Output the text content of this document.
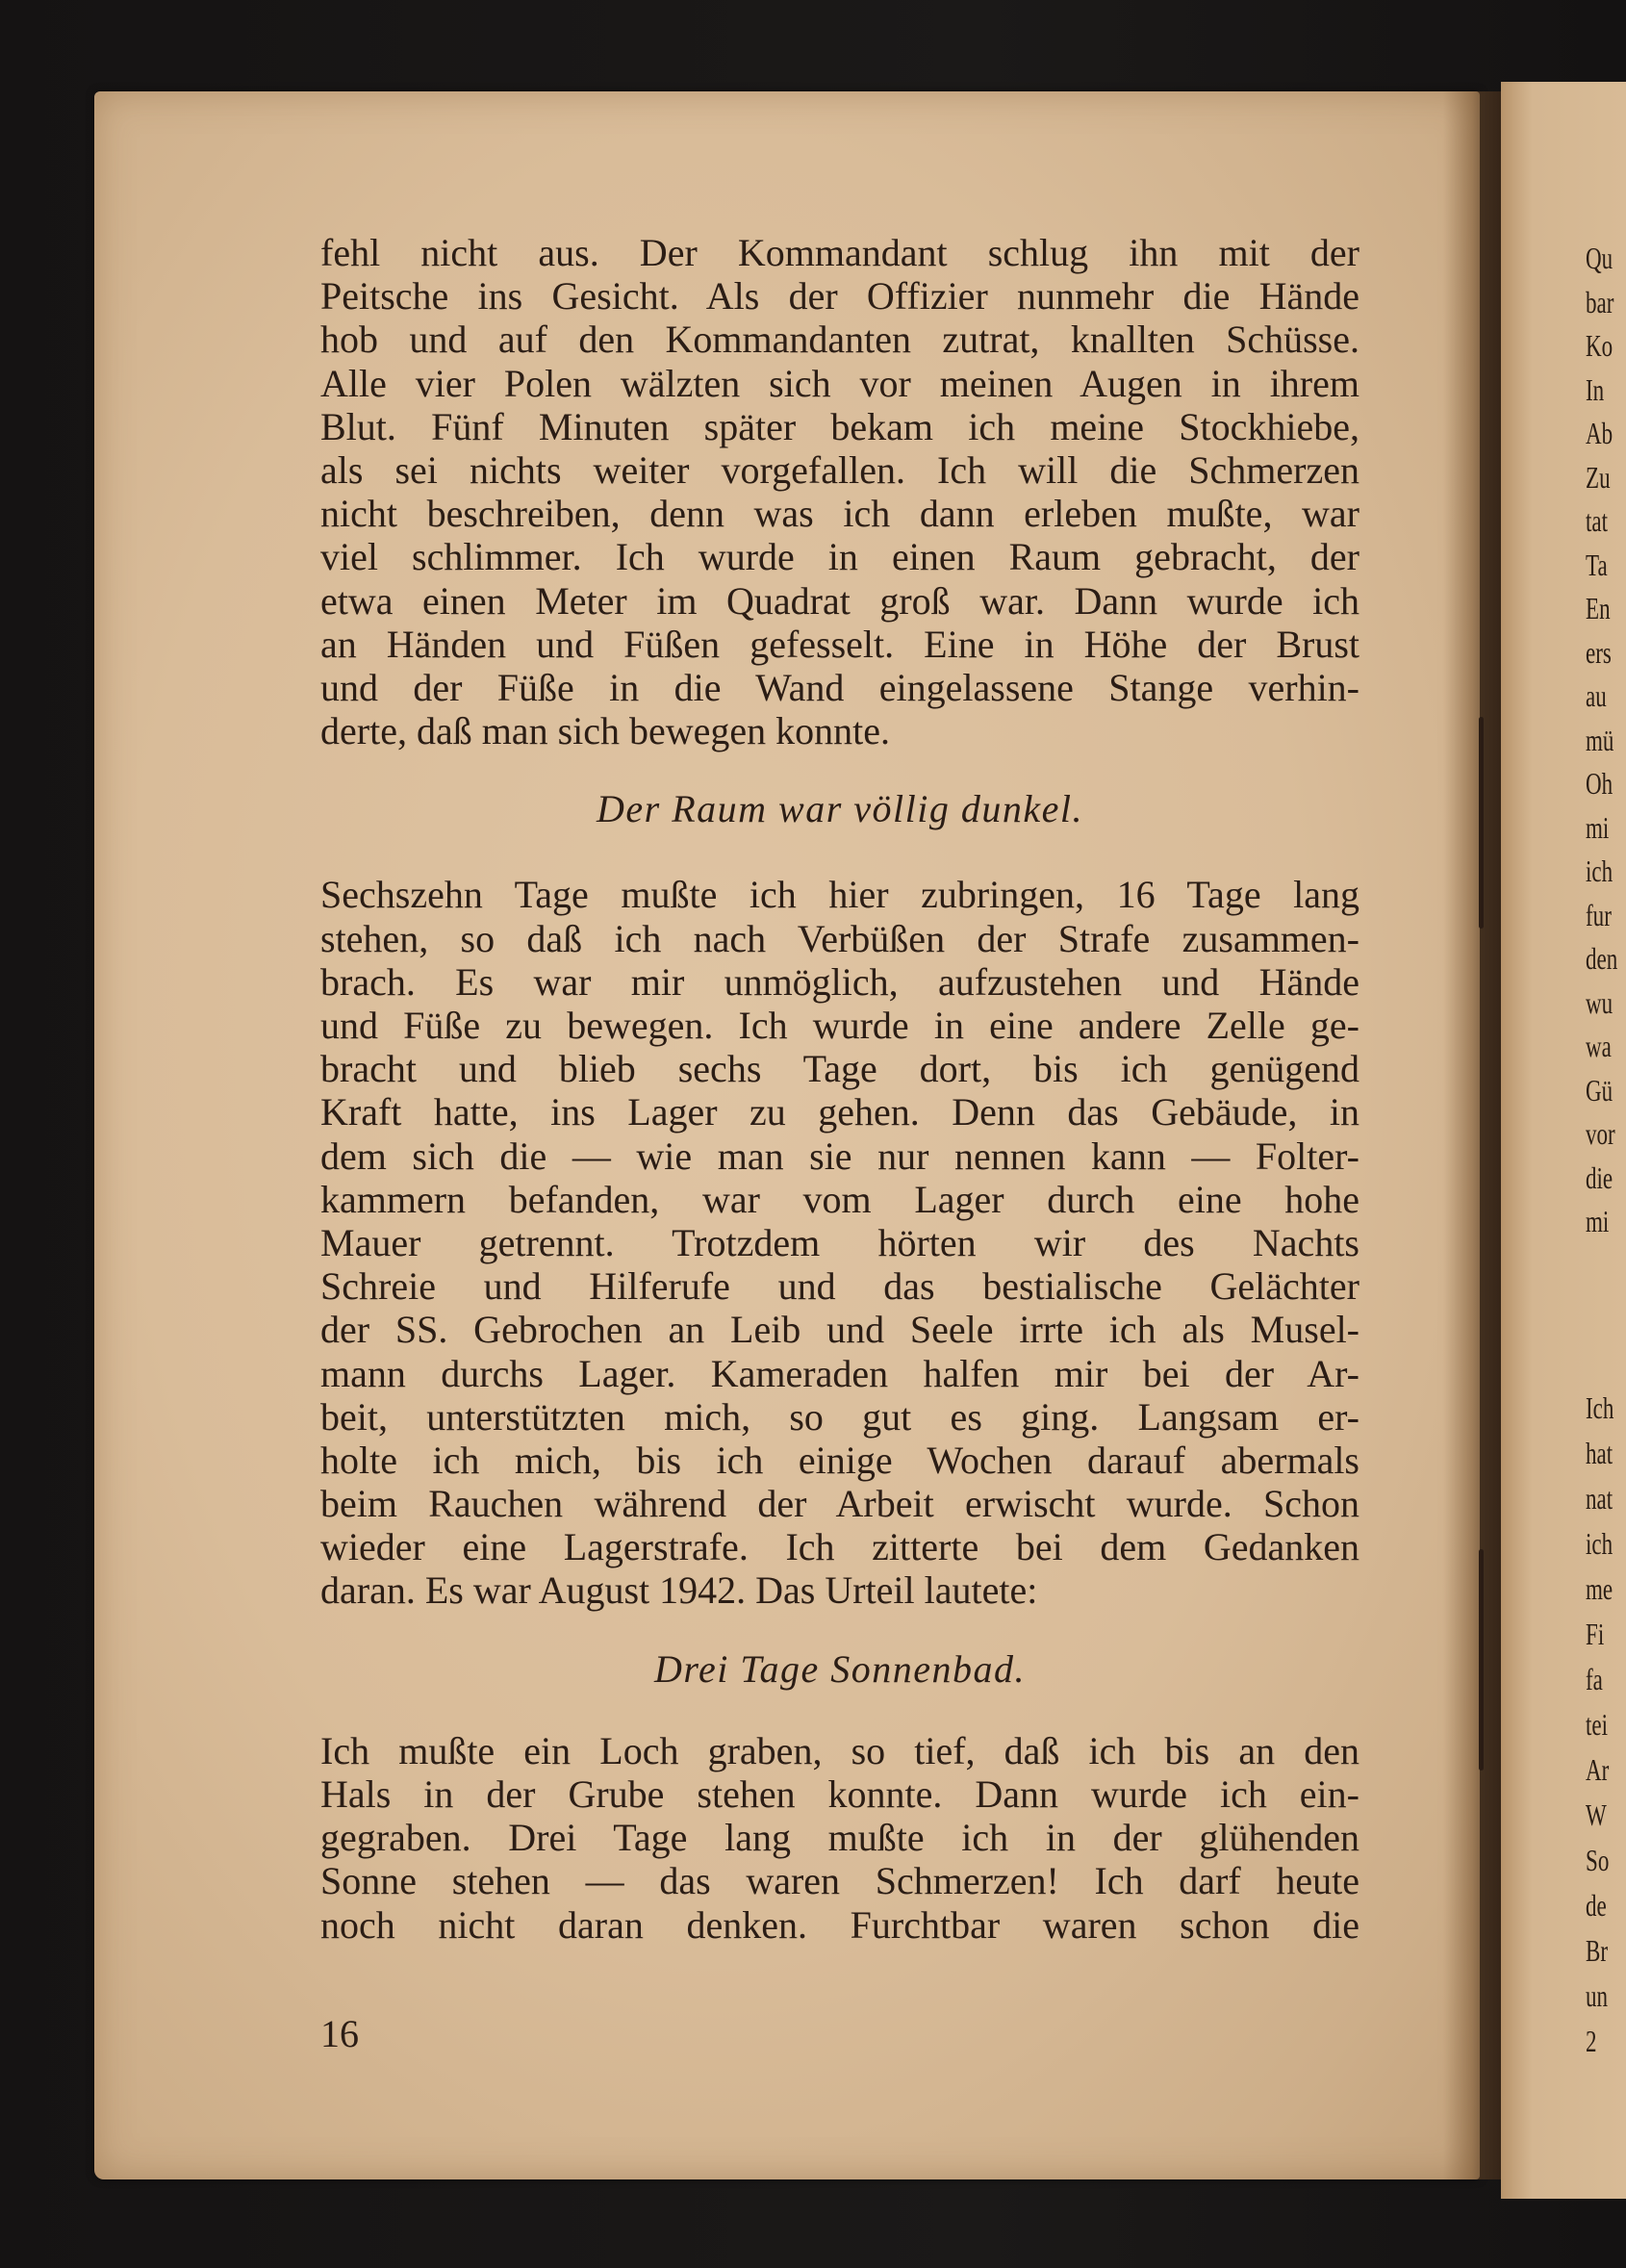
Qu
bar
Ko
In
Ab
Zu
tat
Ta
En
ers
au
mü
Oh
mi
ich
fur
den
wu
wa
Gü
vor
die
mi
Ich
hat
nat
ich
me
Fi
fa
tei
Ar
W
So
de
Br
un
2
fehl nicht aus. Der Kommandant schlug ihn mit der
Peitsche ins Gesicht. Als der Offizier nunmehr die Hände
hob und auf den Kommandanten zutrat, knallten Schüsse.
Alle vier Polen wälzten sich vor meinen Augen in ihrem
Blut. Fünf Minuten später bekam ich meine Stockhiebe,
als sei nichts weiter vorgefallen. Ich will die Schmerzen
nicht beschreiben, denn was ich dann erleben mußte, war
viel schlimmer. Ich wurde in einen Raum gebracht, der
etwa einen Meter im Quadrat groß war. Dann wurde ich
an Händen und Füßen gefesselt. Eine in Höhe der Brust
und der Füße in die Wand eingelassene Stange verhin-
derte, daß man sich bewegen konnte.
Der Raum war völlig dunkel.
Sechszehn Tage mußte ich hier zubringen, 16 Tage lang
stehen, so daß ich nach Verbüßen der Strafe zusammen-
brach. Es war mir unmöglich, aufzustehen und Hände
und Füße zu bewegen. Ich wurde in eine andere Zelle ge-
bracht und blieb sechs Tage dort, bis ich genügend
Kraft hatte, ins Lager zu gehen. Denn das Gebäude, in
dem sich die — wie man sie nur nennen kann — Folter-
kammern befanden, war vom Lager durch eine hohe
Mauer getrennt. Trotzdem hörten wir des Nachts
Schreie und Hilferufe und das bestialische Gelächter
der SS. Gebrochen an Leib und Seele irrte ich als Musel-
mann durchs Lager. Kameraden halfen mir bei der Ar-
beit, unterstützten mich, so gut es ging. Langsam er-
holte ich mich, bis ich einige Wochen darauf abermals
beim Rauchen während der Arbeit erwischt wurde. Schon
wieder eine Lagerstrafe. Ich zitterte bei dem Gedanken
daran. Es war August 1942. Das Urteil lautete:
Drei Tage Sonnenbad.
Ich mußte ein Loch graben, so tief, daß ich bis an den
Hals in der Grube stehen konnte. Dann wurde ich ein-
gegraben. Drei Tage lang mußte ich in der glühenden
Sonne stehen — das waren Schmerzen! Ich darf heute
noch nicht daran denken. Furchtbar waren schon die
16
